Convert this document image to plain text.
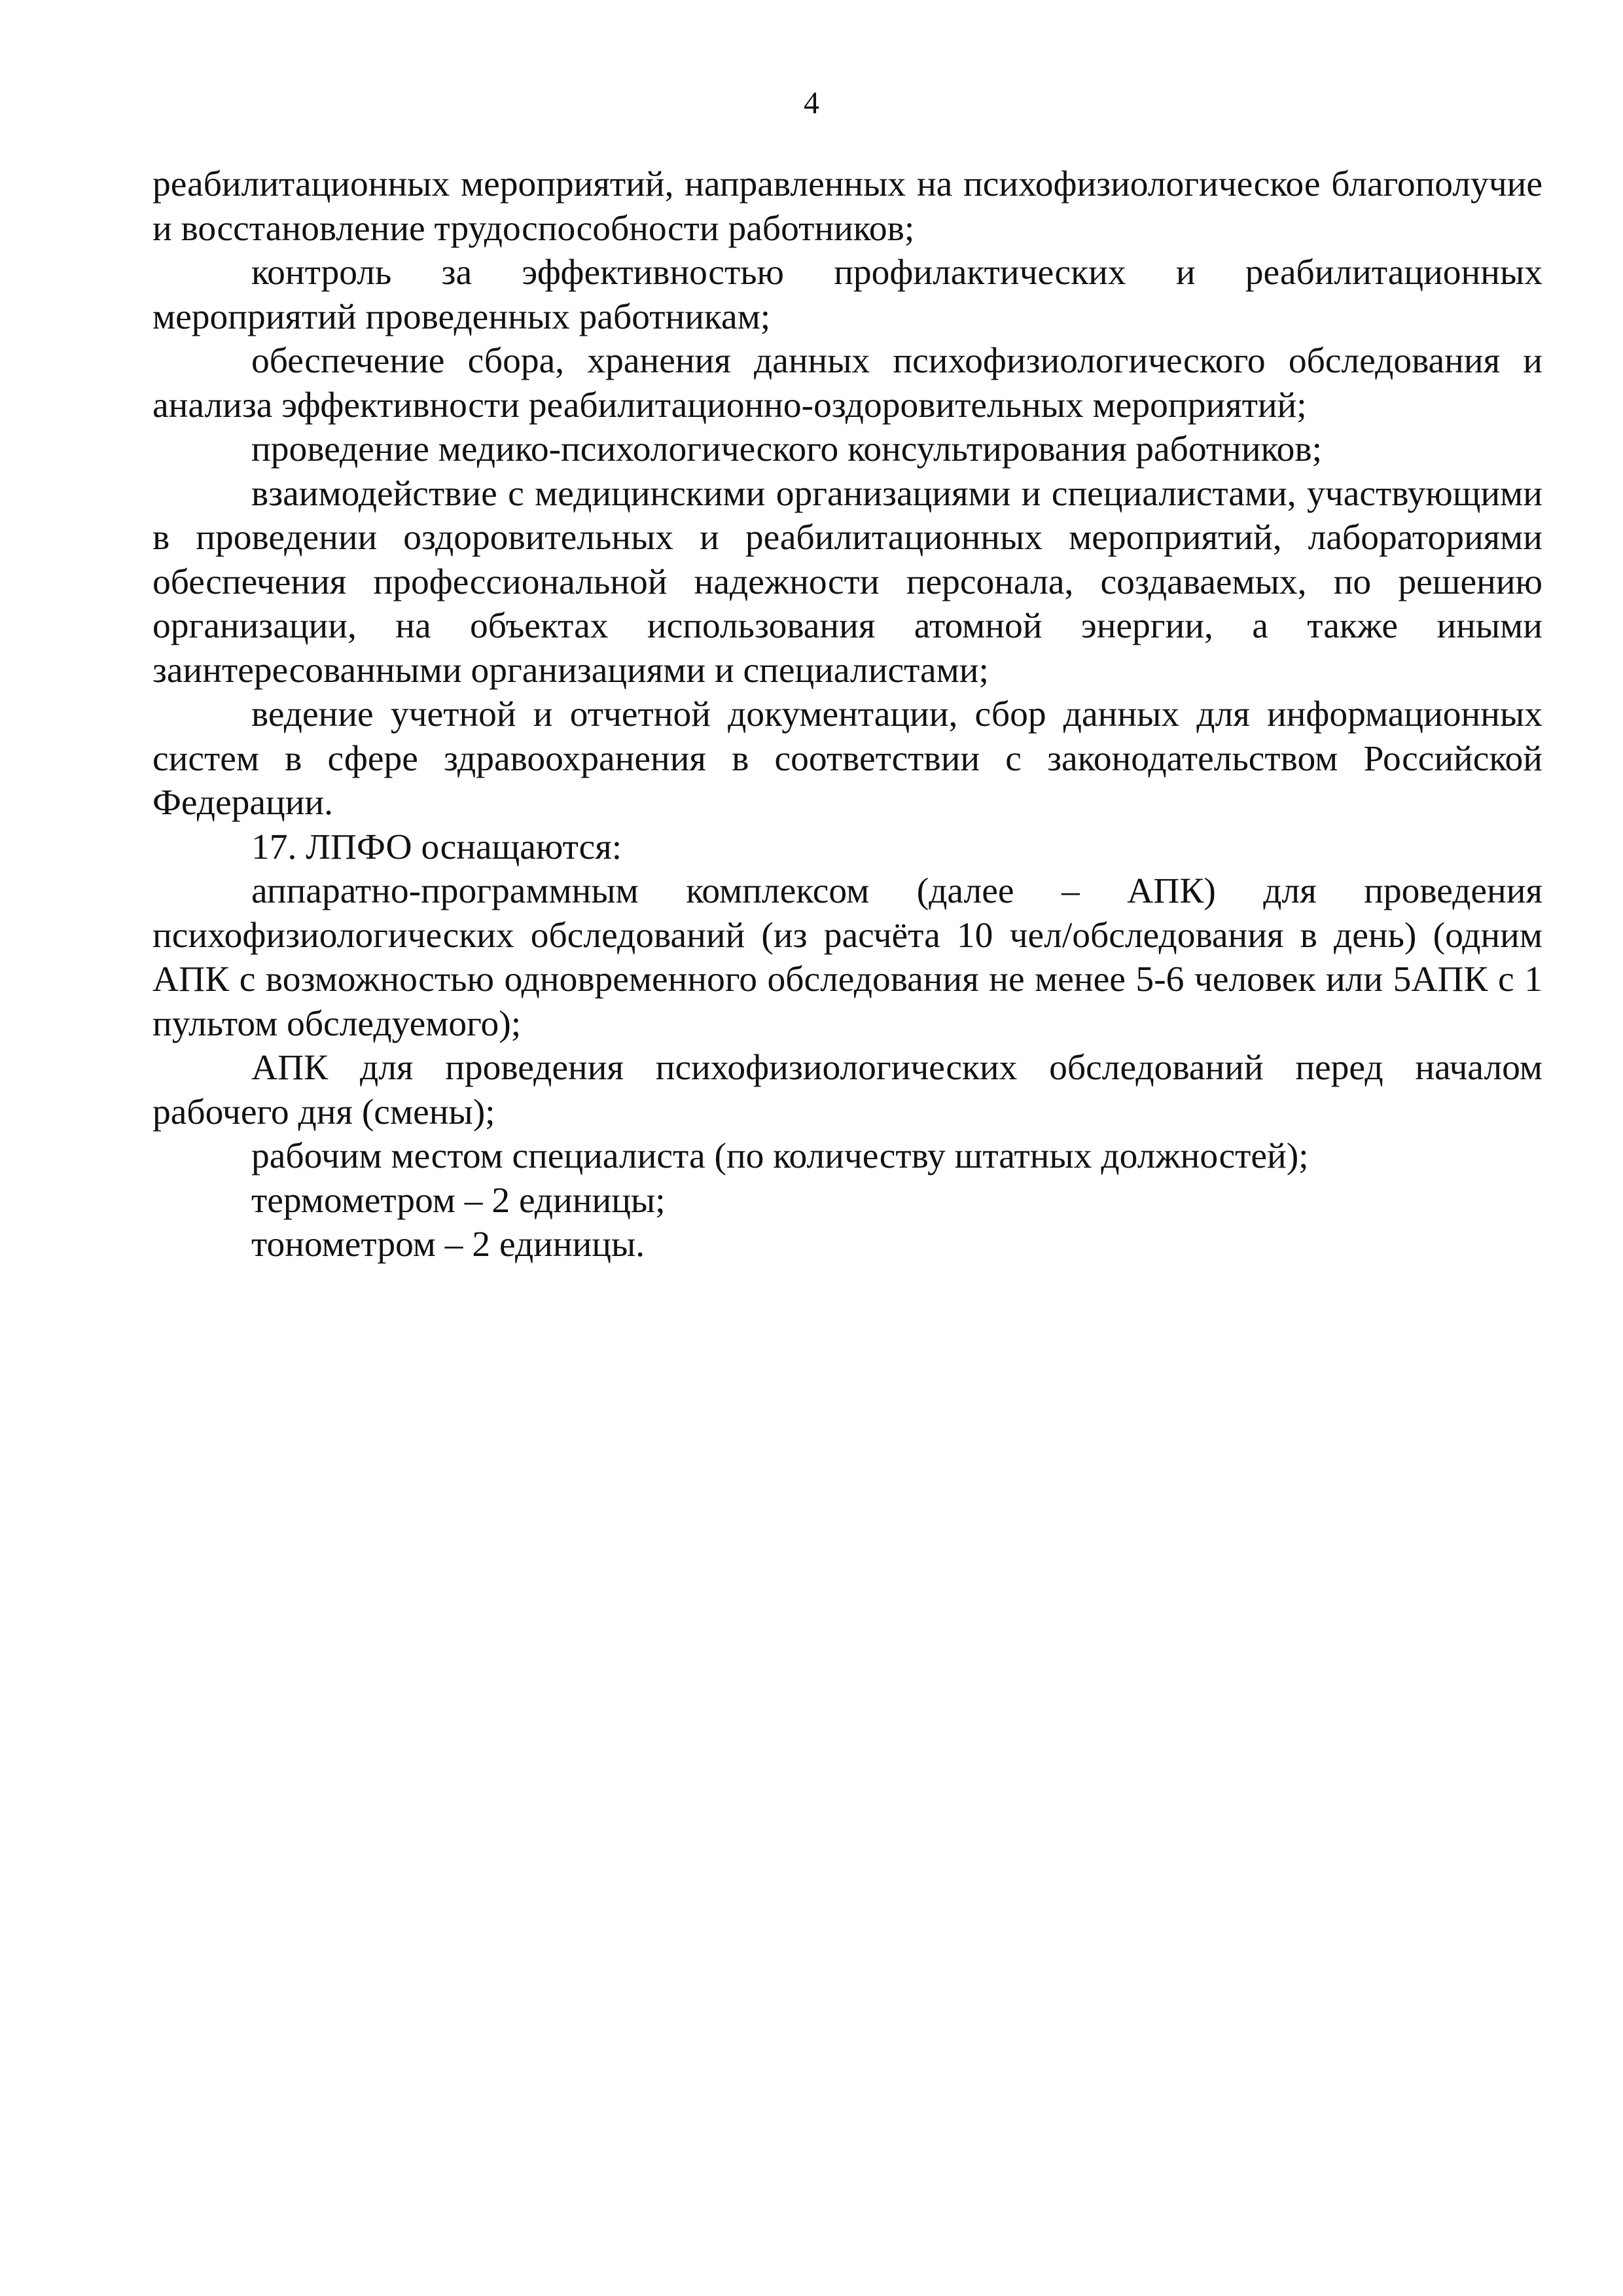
4

реабилитационных мероприятий, направленных на психофизиологическое благополучие и восстановление трудоспособности работников;

контроль за эффективностью профилактических и реабилитационных мероприятий проведенных работникам;

обеспечение сбора, хранения данных психофизиологического обследования и анализа эффективности реабилитационно-оздоровительных мероприятий;

проведение медико-психологического консультирования работников;

взаимодействие с медицинскими организациями и специалистами, участвующими в проведении оздоровительных и реабилитационных мероприятий, лабораториями обеспечения профессиональной надежности персонала, создаваемых, по решению организации, на объектах использования атомной энергии, а также иными заинтересованными организациями и специалистами;

ведение учетной и отчетной документации, сбор данных для информационных систем в сфере здравоохранения в соответствии с законодательством Российской Федерации.

17. ЛПФО оснащаются:

аппаратно-программным комплексом (далее – АПК) для проведения психофизиологических обследований (из расчёта 10 чел/обследования в день) (одним АПК с возможностью одновременного обследования не менее 5-6 человек или 5АПК с 1 пультом обследуемого);

АПК для проведения психофизиологических обследований перед началом рабочего дня (смены);

рабочим местом специалиста (по количеству штатных должностей);

термометром – 2 единицы;

тонометром – 2 единицы.
